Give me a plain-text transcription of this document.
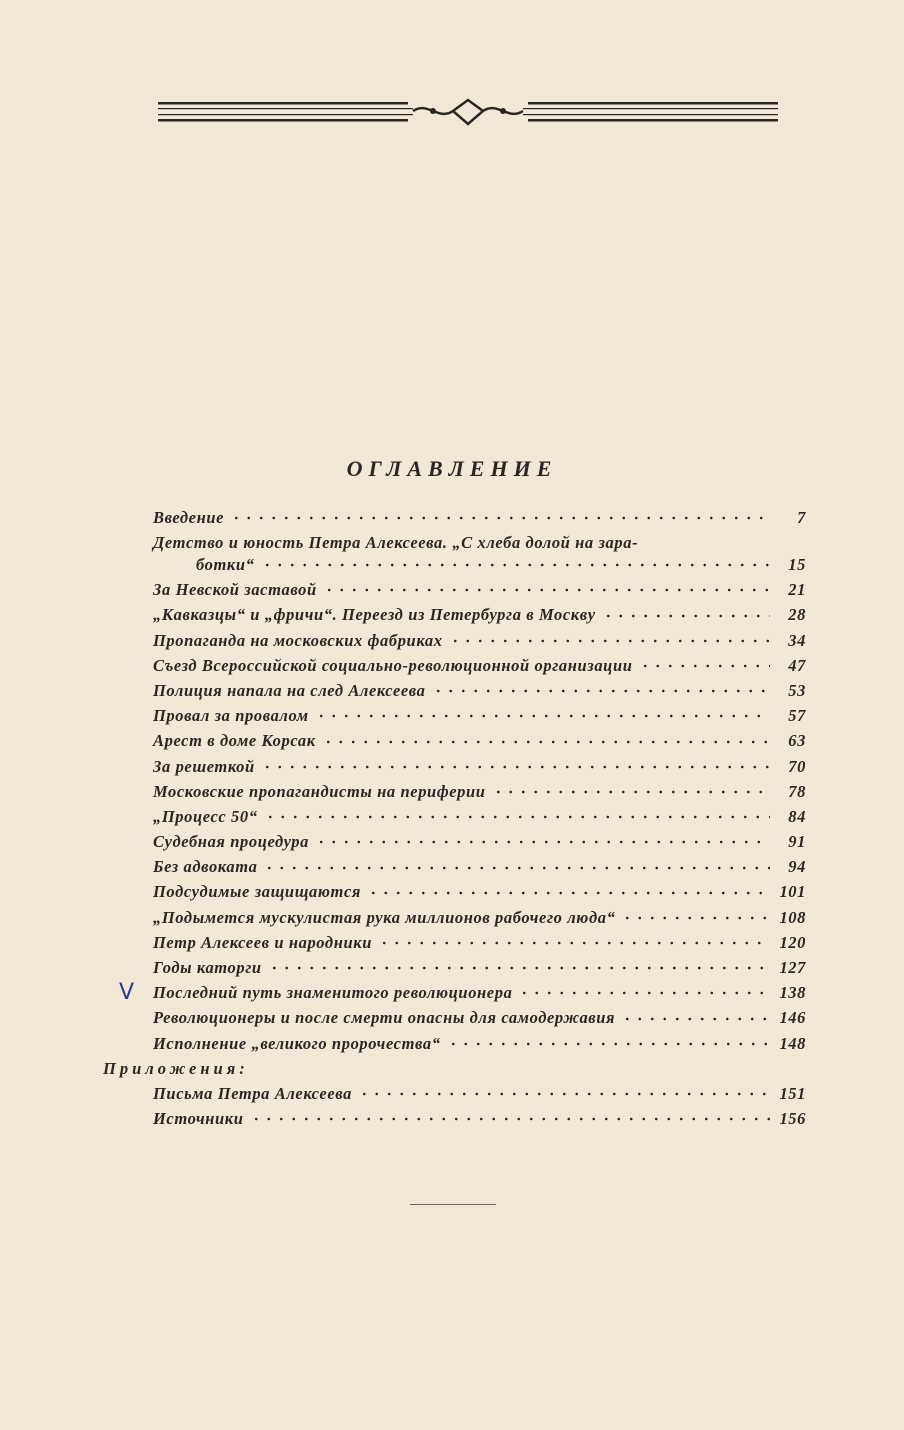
ОГЛАВЛЕНИЕ
Введение	7
Детство и юность Петра Алексеева. „С хлеба долой на зара-
ботки“	15
За Невской заставой	21
„Кавказцы“ и „фричи“. Переезд из Петербурга в Москву	28
Пропаганда на московских фабриках	34
Съезд Всероссийской социально-революционной организации	47
Полиция напала на след Алексеева	53
Провал за провалом	57
Арест в доме Корсак	63
За решеткой	70
Московские пропагандисты на периферии	78
„Процесс 50“	84
Судебная процедура	91
Без адвоката	94
Подсудимые защищаются	101
„Подымется мускулистая рука миллионов рабочего люда“	108
Петр Алексеев и народники	120
Годы каторги	127
V Последний путь знаменитого революционера	138
Революционеры и после смерти опасны для самодержавия	146
Исполнение „великого пророчества“	148
Приложения:
Письма Петра Алексеева	151
Источники	156
